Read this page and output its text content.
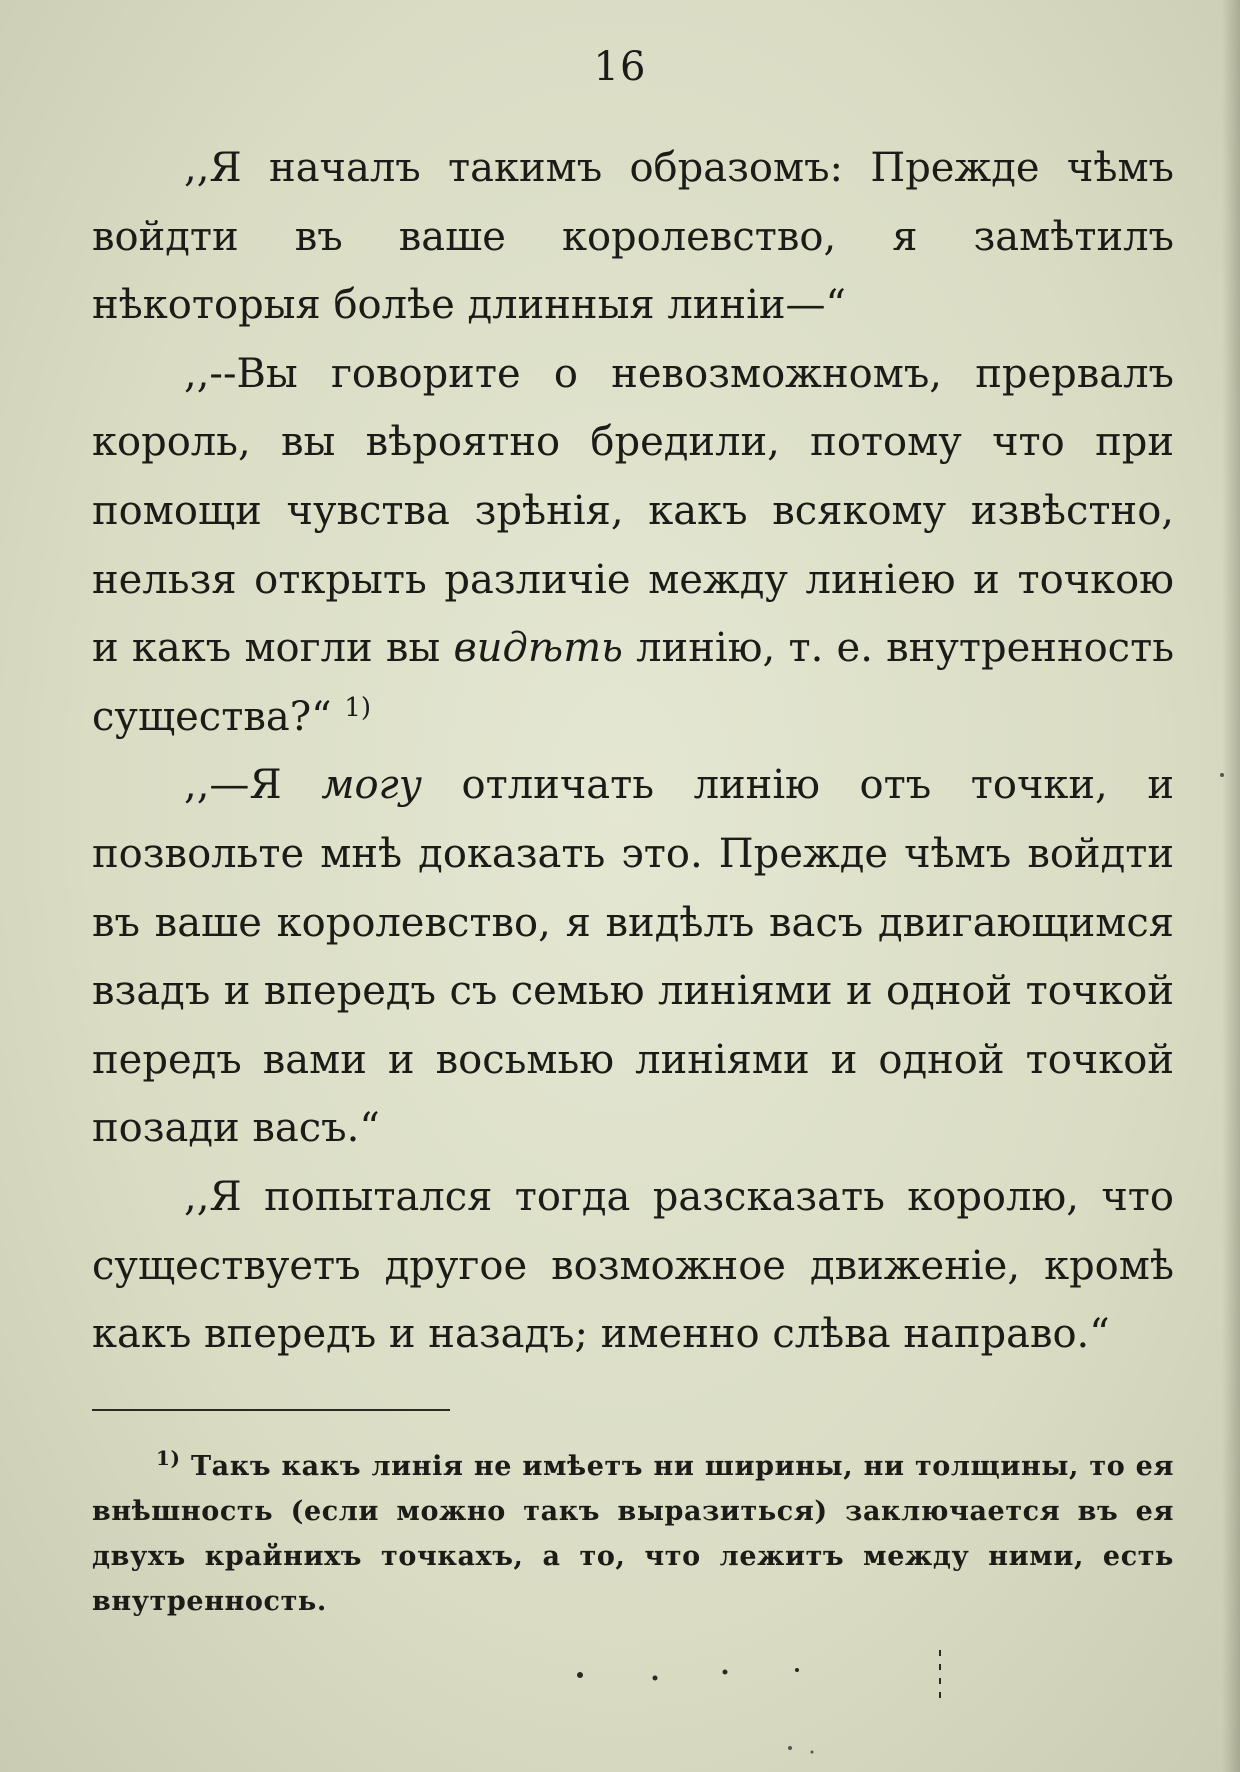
16

,,Я началъ такимъ образомъ: Прежде чѣмъ войдти въ ваше королевство, я замѣтилъ нѣкоторыя болѣе длинныя линіи—“

,,--Вы говорите о невозможномъ, прервалъ король, вы вѣроятно бредили, потому что при помощи чувства зрѣнія, какъ всякому извѣстно, нельзя открыть различіе между линіею и точкою и какъ могли вы видѣть линію, т. е. внутренность существа?“ $^{1)}$

,,—Я могу отличать линію отъ точки, и позвольте мнѣ доказать это. Прежде чѣмъ войдти въ ваше королевство, я видѣлъ васъ двигающимся взадъ и впередъ съ семью линіями и одной точкой передъ вами и восьмью линіями и одной точкой позади васъ.“

,,Я попытался тогда разсказать королю, что существуетъ другое возможное движеніе, кромѣ какъ впередъ и назадъ; именно слѣва направо.“

$^{1)}$ Такъ какъ линія не имѣетъ ни ширины, ни толщины, то ея внѣшность (если можно такъ выразиться) заключается въ ея двухъ крайнихъ точкахъ, а то, что лежитъ между ними, есть внутренность.
